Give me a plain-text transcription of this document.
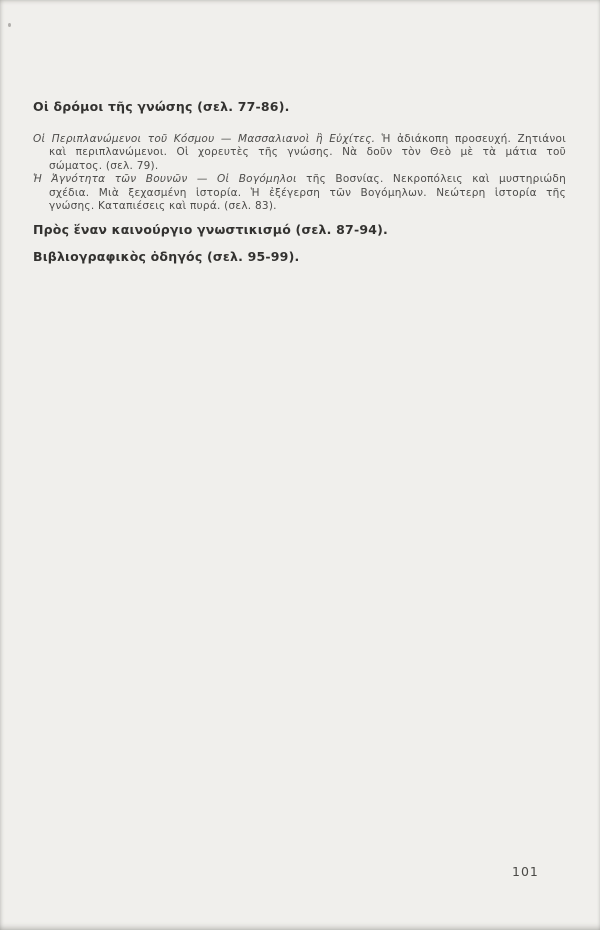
Οἱ δρόμοι τῆς γνώσης (σελ. 77-86).

Οἱ Περιπλανώμενοι τοῦ Κόσμου — Μασσαλιανοὶ ἢ Εὐχίτες. Ἡ ἀδιάκοπη προσευχή. Ζητιάνοι
καὶ περιπλανώμενοι. Οἱ χορευτὲς τῆς γνώσης. Νὰ δοῦν τὸν Θεὸ μὲ τὰ μάτια τοῦ
σώματος. (σελ. 79).
Ἡ Ἁγνότητα τῶν Βουνῶν — Οἱ Βογόμηλοι τῆς Βοσνίας. Νεκροπόλεις καὶ μυστηριώδη
σχέδια. Μιὰ ξεχασμένη ἱστορία. Ἡ ἐξέγερση τῶν Βογόμηλων. Νεώτερη ἱστορία τῆς
γνώσης. Καταπιέσεις καὶ πυρά. (σελ. 83).

Πρὸς ἕναν καινούργιο γνωστικισμό (σελ. 87-94).

Βιβλιογραφικὸς ὁδηγός (σελ. 95-99).

101
